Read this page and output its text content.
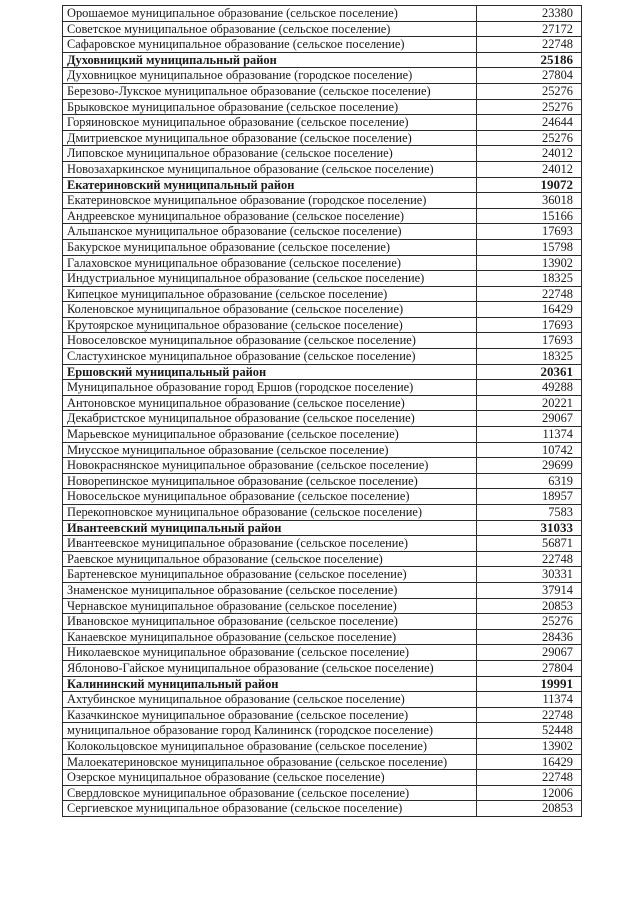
Орошаемое муниципальное образование (сельское поселение)	23380
Советское муниципальное образование (сельское поселение)	27172
Сафаровское муниципальное образование (сельское поселение)	22748
Духовницкий муниципальный район	25186
Духовницкое муниципальное образование (городское поселение)	27804
Березово-Лукское муниципальное образование (сельское поселение)	25276
Брыковское муниципальное образование (сельское поселение)	25276
Горяиновское муниципальное образование (сельское поселение)	24644
Дмитриевское муниципальное образование (сельское поселение)	25276
Липовское муниципальное образование (сельское поселение)	24012
Новозахаркинское муниципальное образование (сельское поселение)	24012
Екатериновский муниципальный район	19072
Екатериновское муниципальное образование (городское поселение)	36018
Андреевское муниципальное образование (сельское поселение)	15166
Альшанское муниципальное образование (сельское поселение)	17693
Бакурское муниципальное образование (сельское поселение)	15798
Галаховское муниципальное образование (сельское поселение)	13902
Индустриальное муниципальное образование (сельское поселение)	18325
Кипецкое муниципальное образование (сельское поселение)	22748
Коленовское муниципальное образование (сельское поселение)	16429
Крутоярское муниципальное образование (сельское поселение)	17693
Новоселовское муниципальное образование (сельское поселение)	17693
Сластухинское муниципальное образование (сельское поселение)	18325
Ершовский муниципальный район	20361
Муниципальное образование город Ершов (городское поселение)	49288
Антоновское муниципальное образование (сельское поселение)	20221
Декабристское муниципальное образование (сельское поселение)	29067
Марьевское муниципальное образование (сельское поселение)	11374
Миусское муниципальное образование (сельское поселение)	10742
Новокраснянское муниципальное образование (сельское поселение)	29699
Новорепинское муниципальное образование (сельское поселение)	6319
Новосельское муниципальное образование (сельское поселение)	18957
Перекопновское муниципальное образование (сельское поселение)	7583
Ивантеевский муниципальный район	31033
Ивантеевское муниципальное образование (сельское поселение)	56871
Раевское муниципальное образование (сельское поселение)	22748
Бартеневское муниципальное образование (сельское поселение)	30331
Знаменское муниципальное образование (сельское поселение)	37914
Чернавское муниципальное образование (сельское поселение)	20853
Ивановское муниципальное образование (сельское поселение)	25276
Канаевское муниципальное образование (сельское поселение)	28436
Николаевское муниципальное образование (сельское поселение)	29067
Яблоново-Гайское муниципальное образование (сельское поселение)	27804
Калининский муниципальный район	19991
Ахтубинское муниципальное образование (сельское поселение)	11374
Казачкинское муниципальное образование (сельское поселение)	22748
муниципальное образование город Калининск (городское поселение)	52448
Колокольцовское муниципальное образование (сельское поселение)	13902
Малоекатериновское муниципальное образование (сельское поселение)	16429
Озерское муниципальное образование (сельское поселение)	22748
Свердловское муниципальное образование (сельское поселение)	12006
Сергиевское муниципальное образование (сельское поселение)	20853
